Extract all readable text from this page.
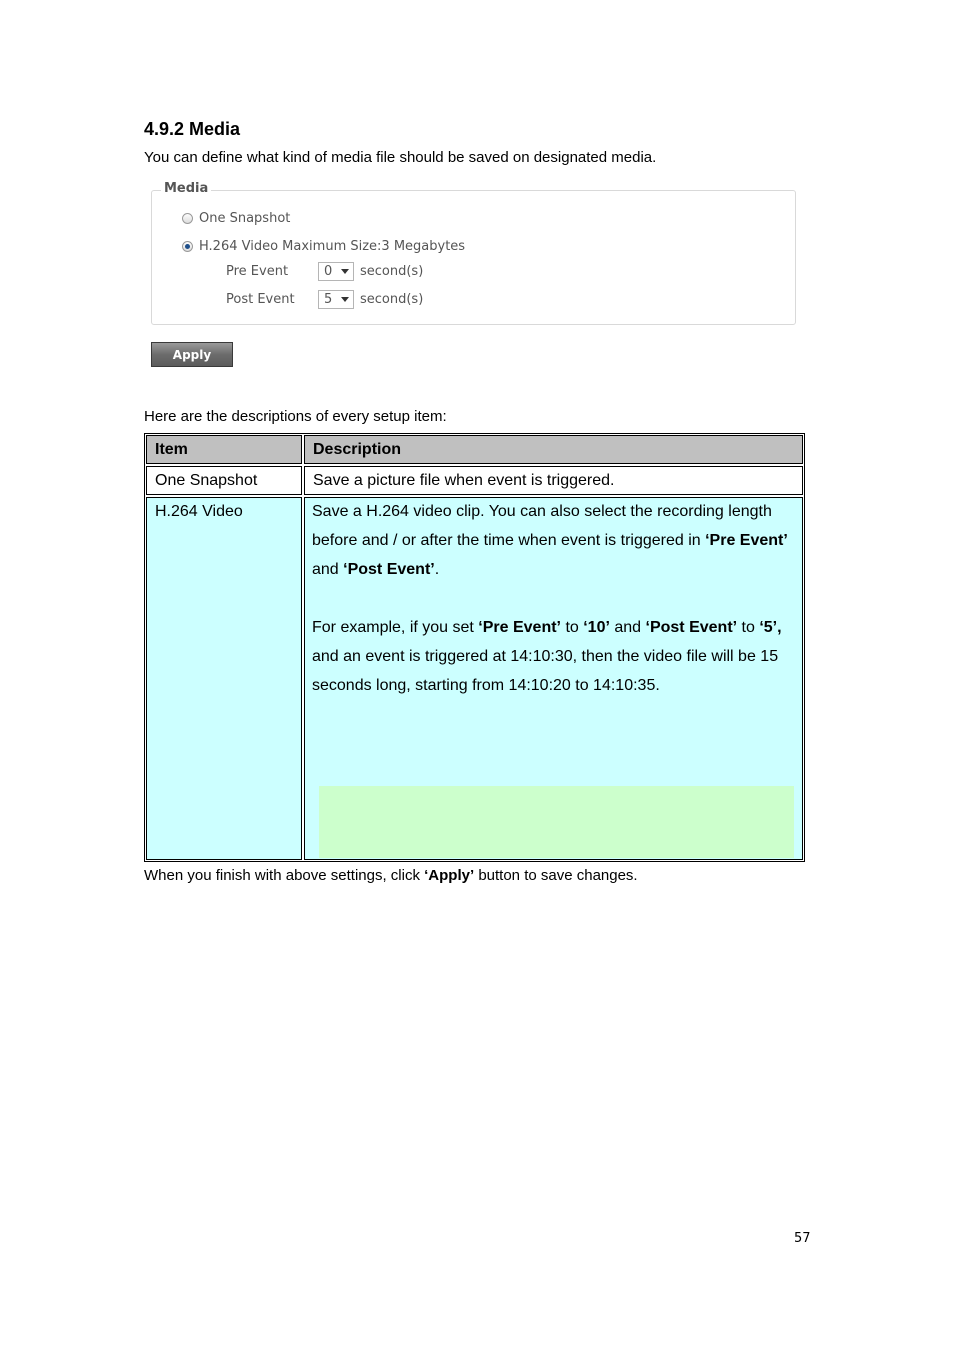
4.9.2 Media
You can define what kind of media file should be saved on designated media.
Media
One Snapshot
H.264 Video Maximum Size:3 Megabytes
Pre Event	0 second(s)
Post Event 5 second(s)
Apply
Here are the descriptions of every setup item:
Item	Description
One Snapshot	Save a picture file when event is triggered.
H.264 Video	Save a H.264 video clip. You can also select the recording length
before and / or after the time when event is triggered in ‘Pre Event’
and ‘Post Event’.
For example, if you set ‘Pre Event’ to ‘10’ and ‘Post Event’ to ‘5’,
and an event is triggered at 14:10:30, then the video file will be 15
seconds long, starting from 14:10:20 to 14:10:35.
When you finish with above settings, click ‘Apply’ button to save changes.
57
